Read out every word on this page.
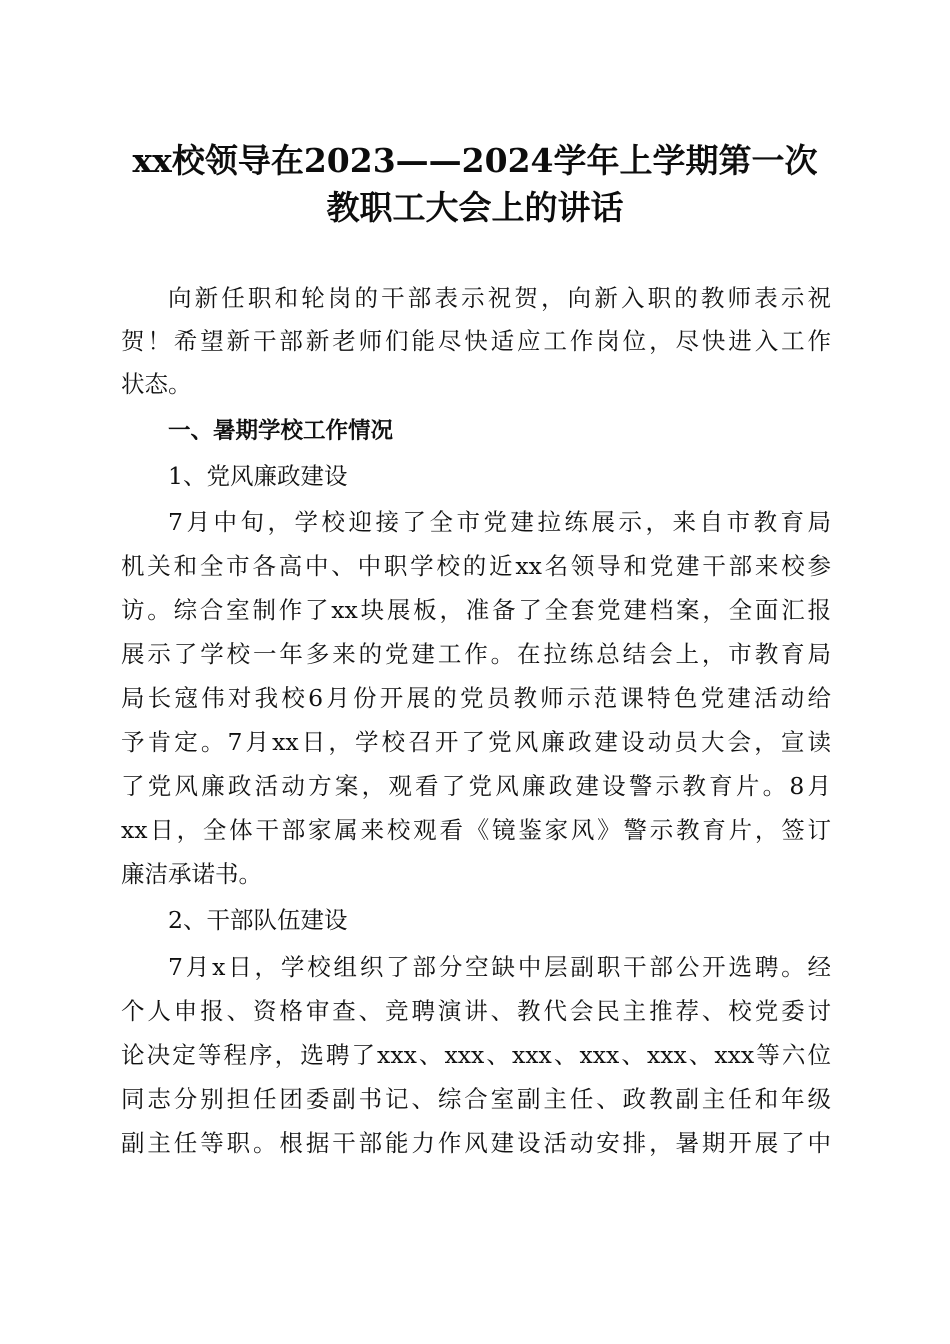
xx校领导在2023——2024学年上学期第一次
教职工大会上的讲话
向新任职和轮岗的干部表示祝贺，向新入职的教师表示祝
贺！希望新干部新老师们能尽快适应工作岗位，尽快进入工作
状态。
一、暑期学校工作情况
1、党风廉政建设
7月中旬，学校迎接了全市党建拉练展示，来自市教育局
机关和全市各高中、中职学校的近xx名领导和党建干部来校参
访。综合室制作了xx块展板，准备了全套党建档案，全面汇报
展示了学校一年多来的党建工作。在拉练总结会上，市教育局
局长寇伟对我校6月份开展的党员教师示范课特色党建活动给
予肯定。7月xx日，学校召开了党风廉政建设动员大会，宣读
了党风廉政活动方案，观看了党风廉政建设警示教育片。8月
xx日，全体干部家属来校观看《镜鉴家风》警示教育片，签订
廉洁承诺书。
2、干部队伍建设
7月x日，学校组织了部分空缺中层副职干部公开选聘。经
个人申报、资格审查、竞聘演讲、教代会民主推荐、校党委讨
论决定等程序，选聘了xxx、xxx、xxx、xxx、xxx、xxx等六位
同志分别担任团委副书记、综合室副主任、政教副主任和年级
副主任等职。根据干部能力作风建设活动安排，暑期开展了中
